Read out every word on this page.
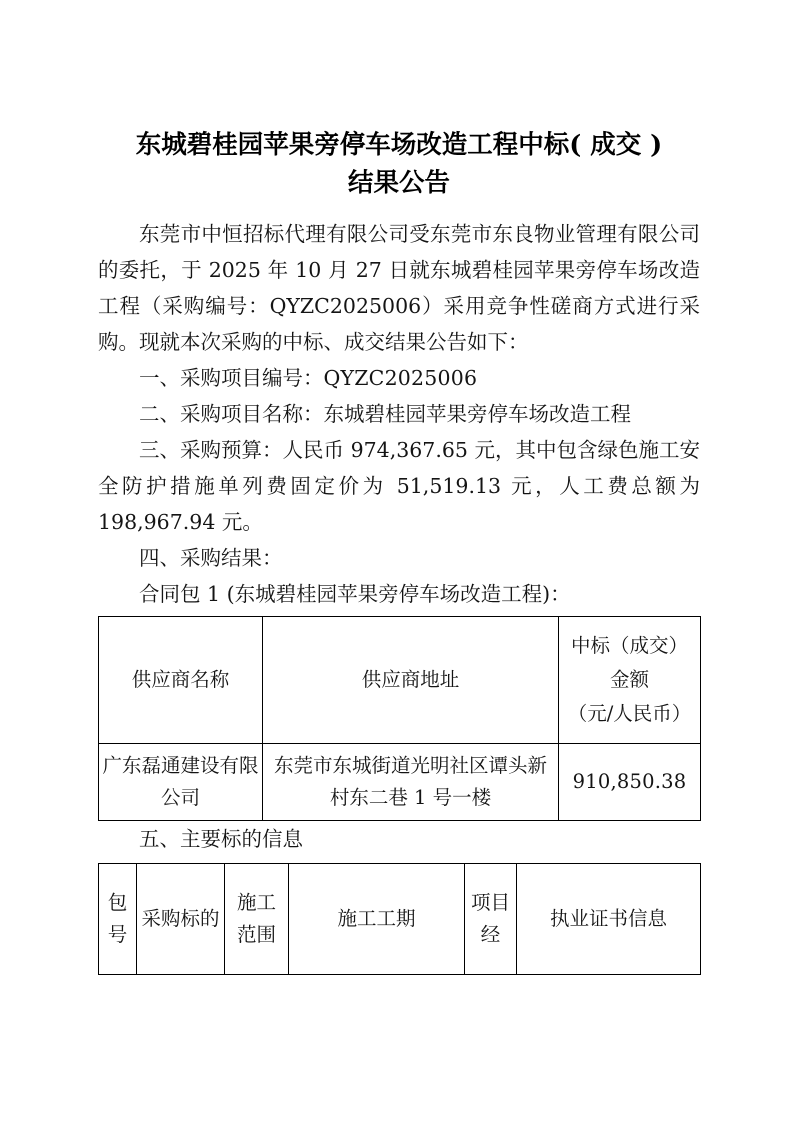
东城碧桂园苹果旁停车场改造工程中标( 成交 )
结果公告

东莞市中恒招标代理有限公司受东莞市东良物业管理有限公司的委托，于 2025 年 10 月 27 日就东城碧桂园苹果旁停车场改造工程（采购编号：QYZC2025006）采用竞争性磋商方式进行采购。现就本次采购的中标、成交结果公告如下：

一、采购项目编号：QYZC2025006

二、采购项目名称：东城碧桂园苹果旁停车场改造工程

三、采购预算：人民币 974,367.65 元，其中包含绿色施工安全防护措施单列费固定价为 51,519.13 元，人工费总额为 198,967.94 元。

四、采购结果：

合同包 1 (东城碧桂园苹果旁停车场改造工程)：

供应商名称	供应商地址	中标（成交）
金额
（元/人民币）

广东磊通建设有限公司	东莞市东城街道光明社区谭头新村东二巷 1 号一楼	910,850.38

五、主要标的信息

包号	采购标的	施工范围	施工工期	项目经	执业证书信息
